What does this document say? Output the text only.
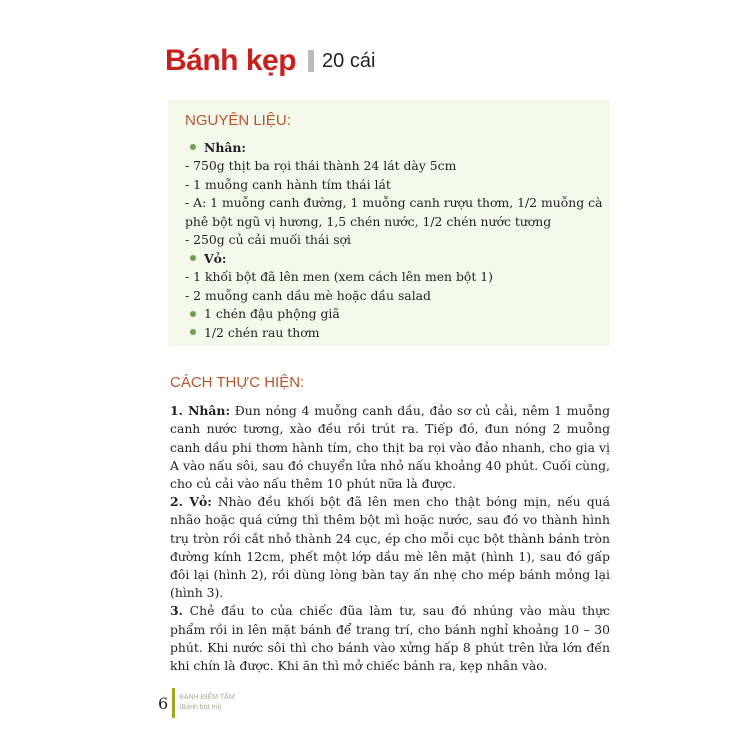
Bánh kẹp 20 cái

NGUYÊN LIỆU:

Nhân:
- 750g thịt ba rọi thái thành 24 lát dày 5cm
- 1 muỗng canh hành tím thái lát
- A: 1 muỗng canh đường, 1 muỗng canh rượu thơm, 1/2 muỗng cà
phê bột ngũ vị hương, 1,5 chén nước, 1/2 chén nước tương
- 250g củ cải muối thái sợi
Vỏ:
- 1 khối bột đã lên men (xem cách lên men bột 1)
- 2 muỗng canh dầu mè hoặc dầu salad
1 chén đậu phộng giã
1/2 chén rau thơm

CÁCH THỰC HIỆN:

1. Nhân: Đun nóng 4 muỗng canh dầu, đảo sơ củ cải, nêm 1 muỗng canh nước tương, xào đều rồi trút ra. Tiếp đó, đun nóng 2 muỗng canh dầu phi thơm hành tím, cho thịt ba rọi vào đảo nhanh, cho gia vị A vào nấu sôi, sau đó chuyển lửa nhỏ nấu khoảng 40 phút. Cuối cùng, cho củ cải vào nấu thêm 10 phút nữa là được.

2. Vỏ: Nhào đều khối bột đã lên men cho thật bóng mịn, nếu quá nhão hoặc quá cứng thì thêm bột mì hoặc nước, sau đó vo thành hình trụ tròn rồi cắt nhỏ thành 24 cục, ép cho mỗi cục bột thành bánh tròn đường kính 12cm, phết một lớp dầu mè lên mặt (hình 1), sau đó gấp đôi lại (hình 2), rồi dùng lòng bàn tay ấn nhẹ cho mép bánh mỏng lại (hình 3).

3. Chẻ đầu to của chiếc đũa làm tư, sau đó nhúng vào màu thực phẩm rồi in lên mặt bánh để trang trí, cho bánh nghỉ khoảng 10 – 30 phút. Khi nước sôi thì cho bánh vào xửng hấp 8 phút trên lửa lớn đến khi chín là được. Khi ăn thì mở chiếc bánh ra, kẹp nhân vào.

6 BÁNH ĐIỂM TÂM
(Bánh bột mì)
